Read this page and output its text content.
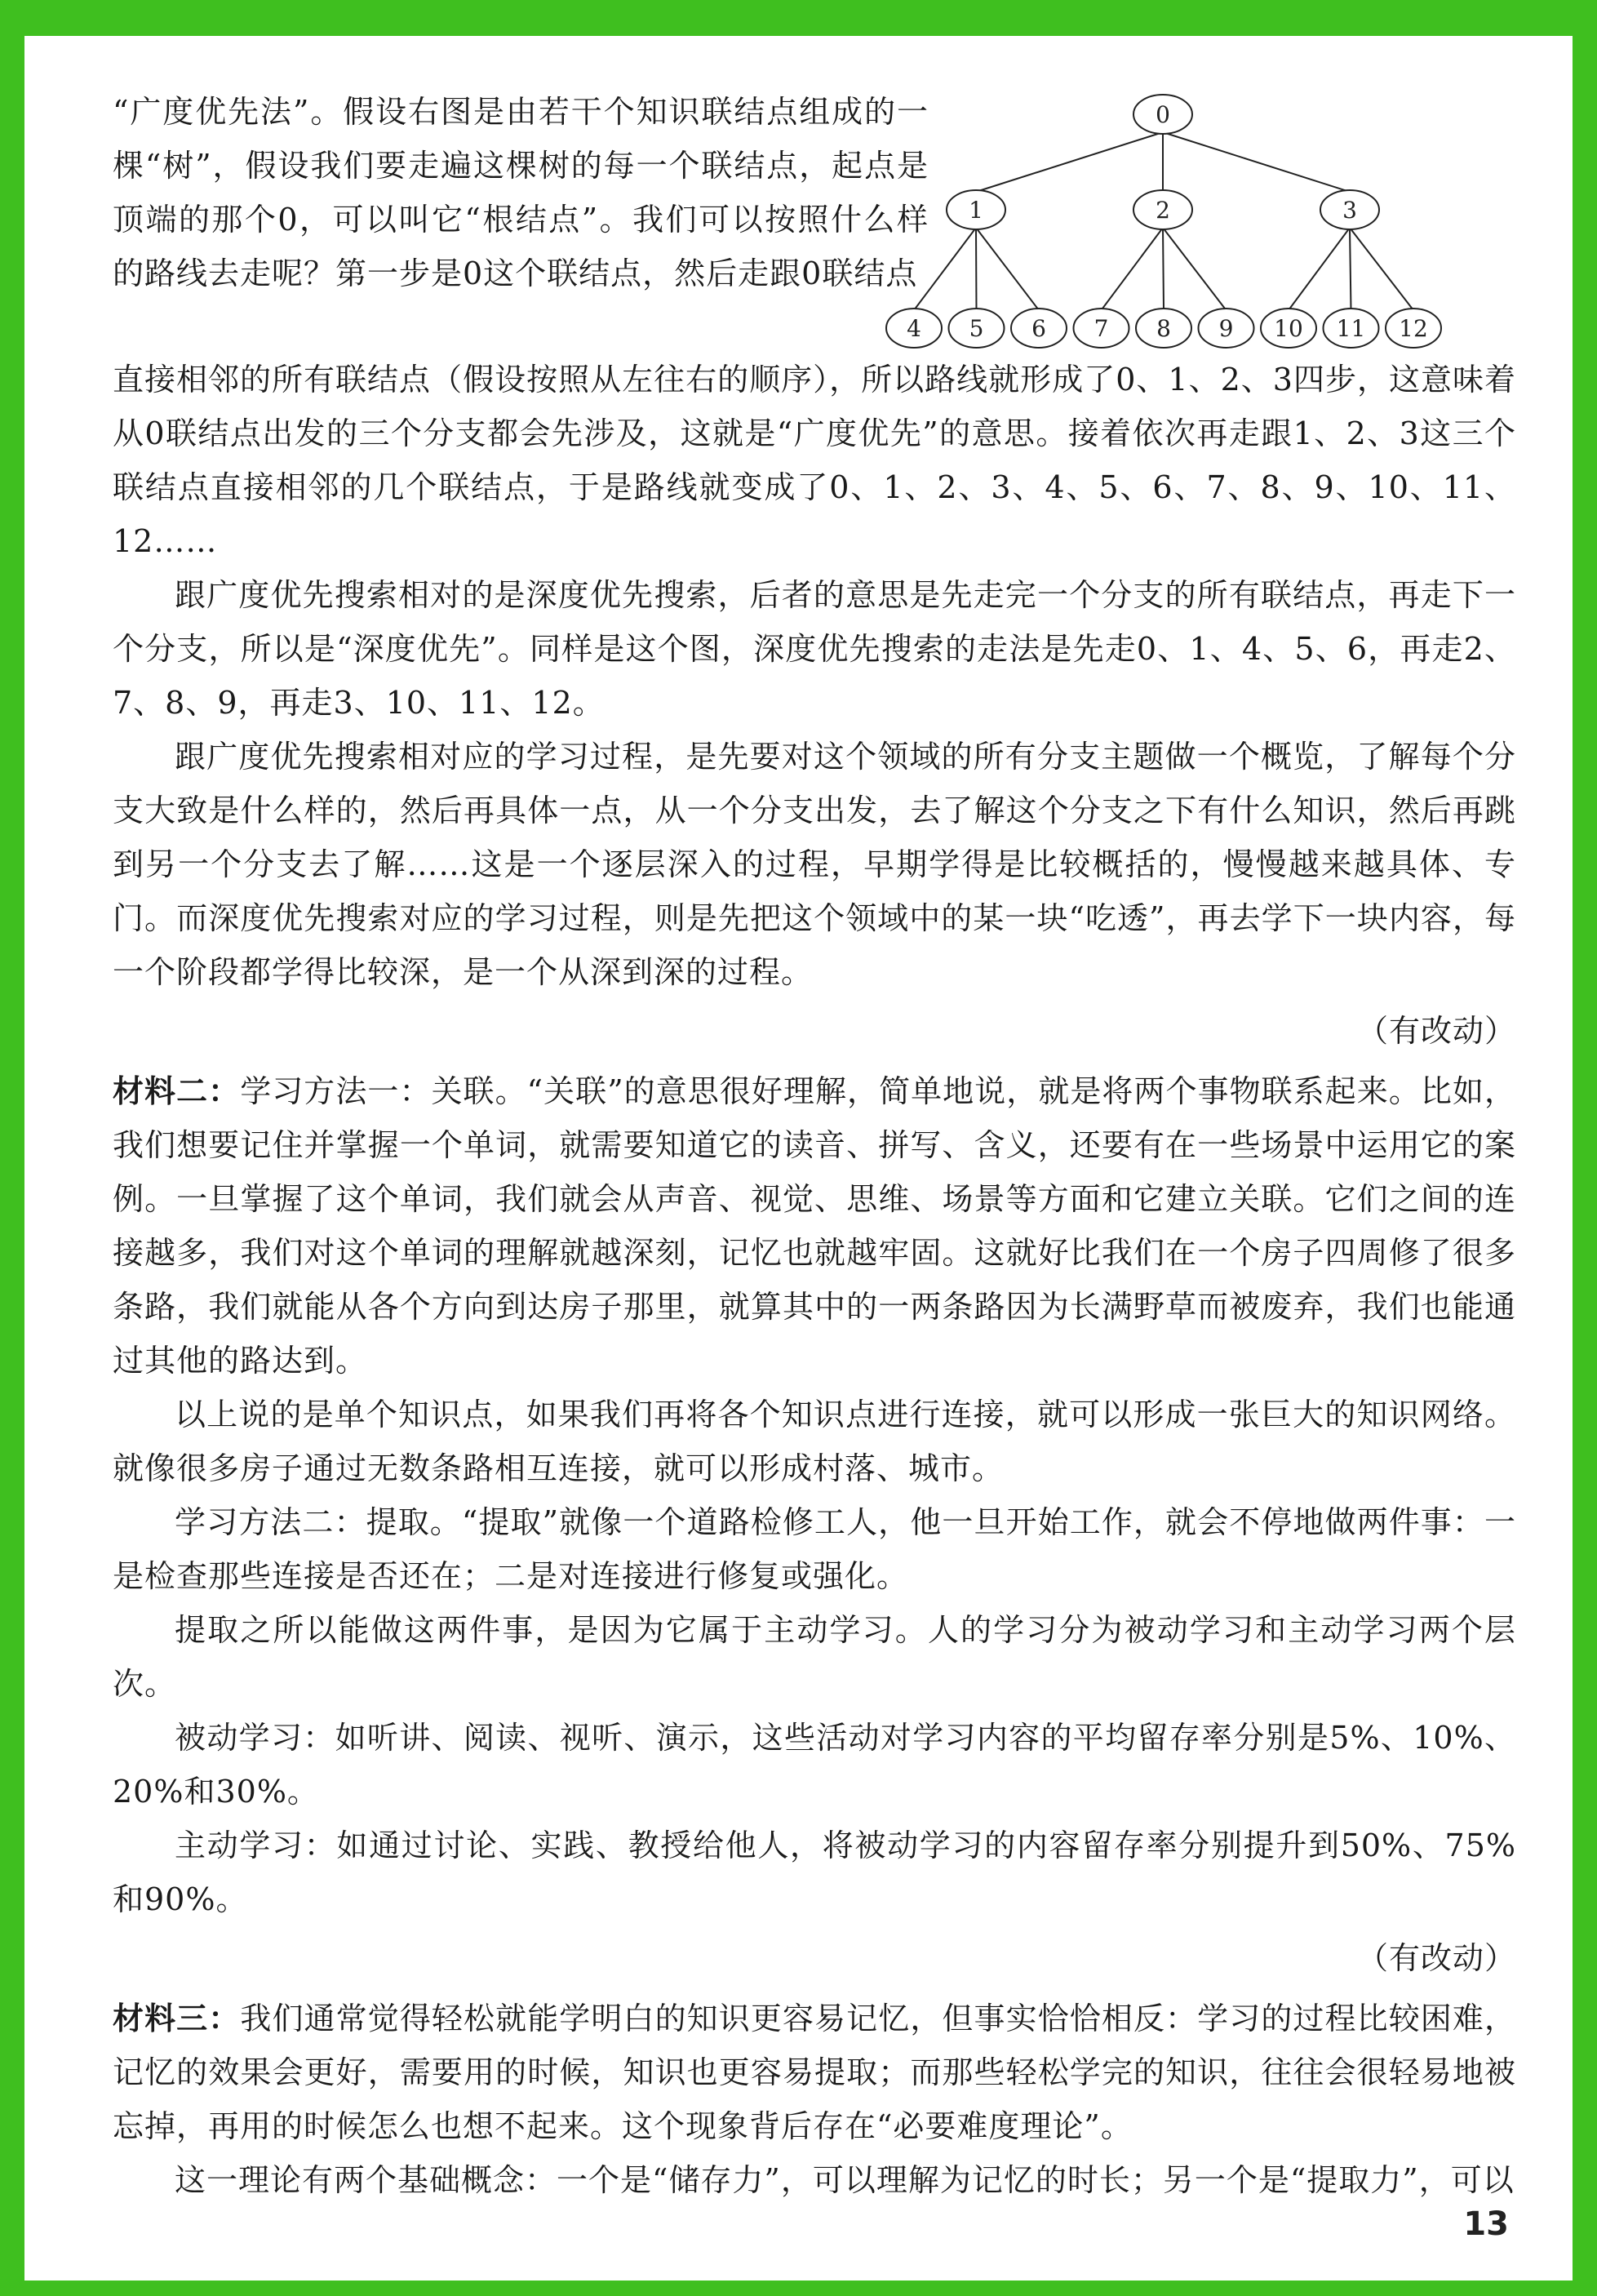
0
1	2	3
4 5 6 7 8 9 10 11 12

“广度优先法”。假设右图是由若干个知识联结点组成的一棵“树”，假设我们要走遍这棵树的每一个联结点，起点是顶端的那个0，可以叫它“根结点”。我们可以按照什么样的路线去走呢？第一步是0这个联结点，然后走跟0联结点

直接相邻的所有联结点（假设按照从左往右的顺序），所以路线就形成了0、1、2、3四步，这意味着从0联结点出发的三个分支都会先涉及，这就是“广度优先”的意思。接着依次再走跟1、2、3这三个联结点直接相邻的几个联结点，于是路线就变成了0、1、2、3、4、5、6、7、8、9、10、11、12……

跟广度优先搜索相对的是深度优先搜索，后者的意思是先走完一个分支的所有联结点，再走下一个分支，所以是“深度优先”。同样是这个图，深度优先搜索的走法是先走0、1、4、5、6，再走2、7、8、9，再走3、10、11、12。

跟广度优先搜索相对应的学习过程，是先要对这个领域的所有分支主题做一个概览，了解每个分支大致是什么样的，然后再具体一点，从一个分支出发，去了解这个分支之下有什么知识，然后再跳到另一个分支去了解……这是一个逐层深入的过程，早期学得是比较概括的，慢慢越来越具体、专门。而深度优先搜索对应的学习过程，则是先把这个领域中的某一块“吃透”，再去学下一块内容，每一个阶段都学得比较深，是一个从深到深的过程。

（有改动）

材料二：学习方法一：关联。“关联”的意思很好理解，简单地说，就是将两个事物联系起来。比如，我们想要记住并掌握一个单词，就需要知道它的读音、拼写、含义，还要有在一些场景中运用它的案例。一旦掌握了这个单词，我们就会从声音、视觉、思维、场景等方面和它建立关联。它们之间的连接越多，我们对这个单词的理解就越深刻，记忆也就越牢固。这就好比我们在一个房子四周修了很多条路，我们就能从各个方向到达房子那里，就算其中的一两条路因为长满野草而被废弃，我们也能通过其他的路达到。

以上说的是单个知识点，如果我们再将各个知识点进行连接，就可以形成一张巨大的知识网络。就像很多房子通过无数条路相互连接，就可以形成村落、城市。

学习方法二：提取。“提取”就像一个道路检修工人，他一旦开始工作，就会不停地做两件事：一是检查那些连接是否还在；二是对连接进行修复或强化。

提取之所以能做这两件事，是因为它属于主动学习。人的学习分为被动学习和主动学习两个层次。

被动学习：如听讲、阅读、视听、演示，这些活动对学习内容的平均留存率分别是5%、10%、20%和30%。

主动学习：如通过讨论、实践、教授给他人，将被动学习的内容留存率分别提升到50%、75%和90%。

（有改动）

材料三：我们通常觉得轻松就能学明白的知识更容易记忆，但事实恰恰相反：学习的过程比较困难，记忆的效果会更好，需要用的时候，知识也更容易提取；而那些轻松学完的知识，往往会很轻易地被忘掉，再用的时候怎么也想不起来。这个现象背后存在“必要难度理论”。

这一理论有两个基础概念：一个是“储存力”，可以理解为记忆的时长；另一个是“提取力”，可以

13
